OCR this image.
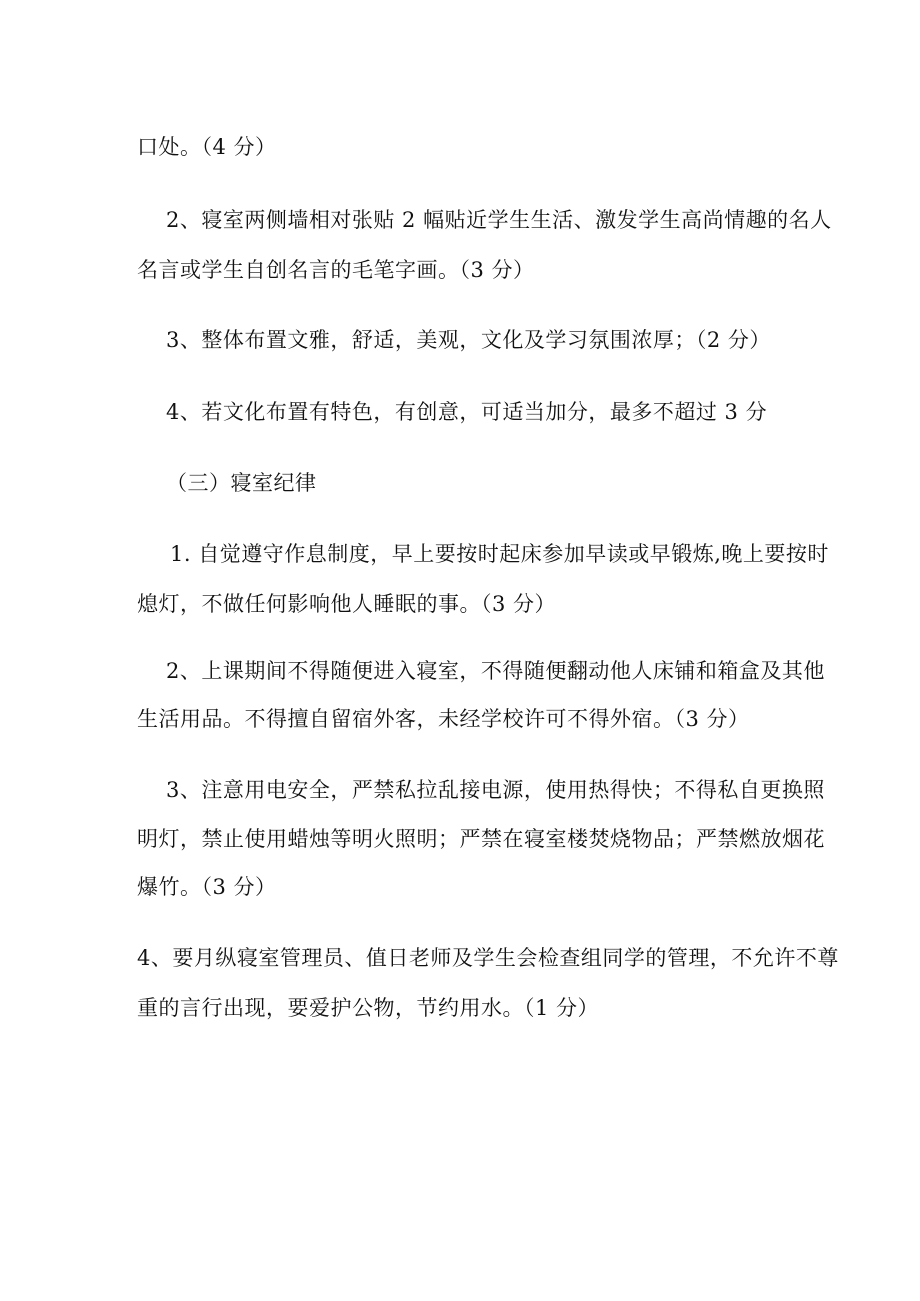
口处。（4 分）
2、寝室两侧墙相对张贴 2 幅贴近学生生活、激发学生高尚情趣的名人
名言或学生自创名言的毛笔字画。（3 分）
3、整体布置文雅，舒适，美观，文化及学习氛围浓厚；（2 分）
4、若文化布置有特色，有创意，可适当加分，最多不超过 3 分
（三）寝室纪律
1. 自觉遵守作息制度，早上要按时起床参加早读或早锻炼,晚上要按时
熄灯，不做任何影响他人睡眠的事。（3 分）
2、上课期间不得随便进入寝室，不得随便翻动他人床铺和箱盒及其他
生活用品。不得擅自留宿外客，未经学校许可不得外宿。（3 分）
3、注意用电安全，严禁私拉乱接电源，使用热得快；不得私自更换照
明灯，禁止使用蜡烛等明火照明；严禁在寝室楼焚烧物品；严禁燃放烟花
爆竹。（3 分）
4、要月纵寝室管理员、值日老师及学生会检查组同学的管理，不允许不尊
重的言行出现，要爱护公物，节约用水。（1 分）
